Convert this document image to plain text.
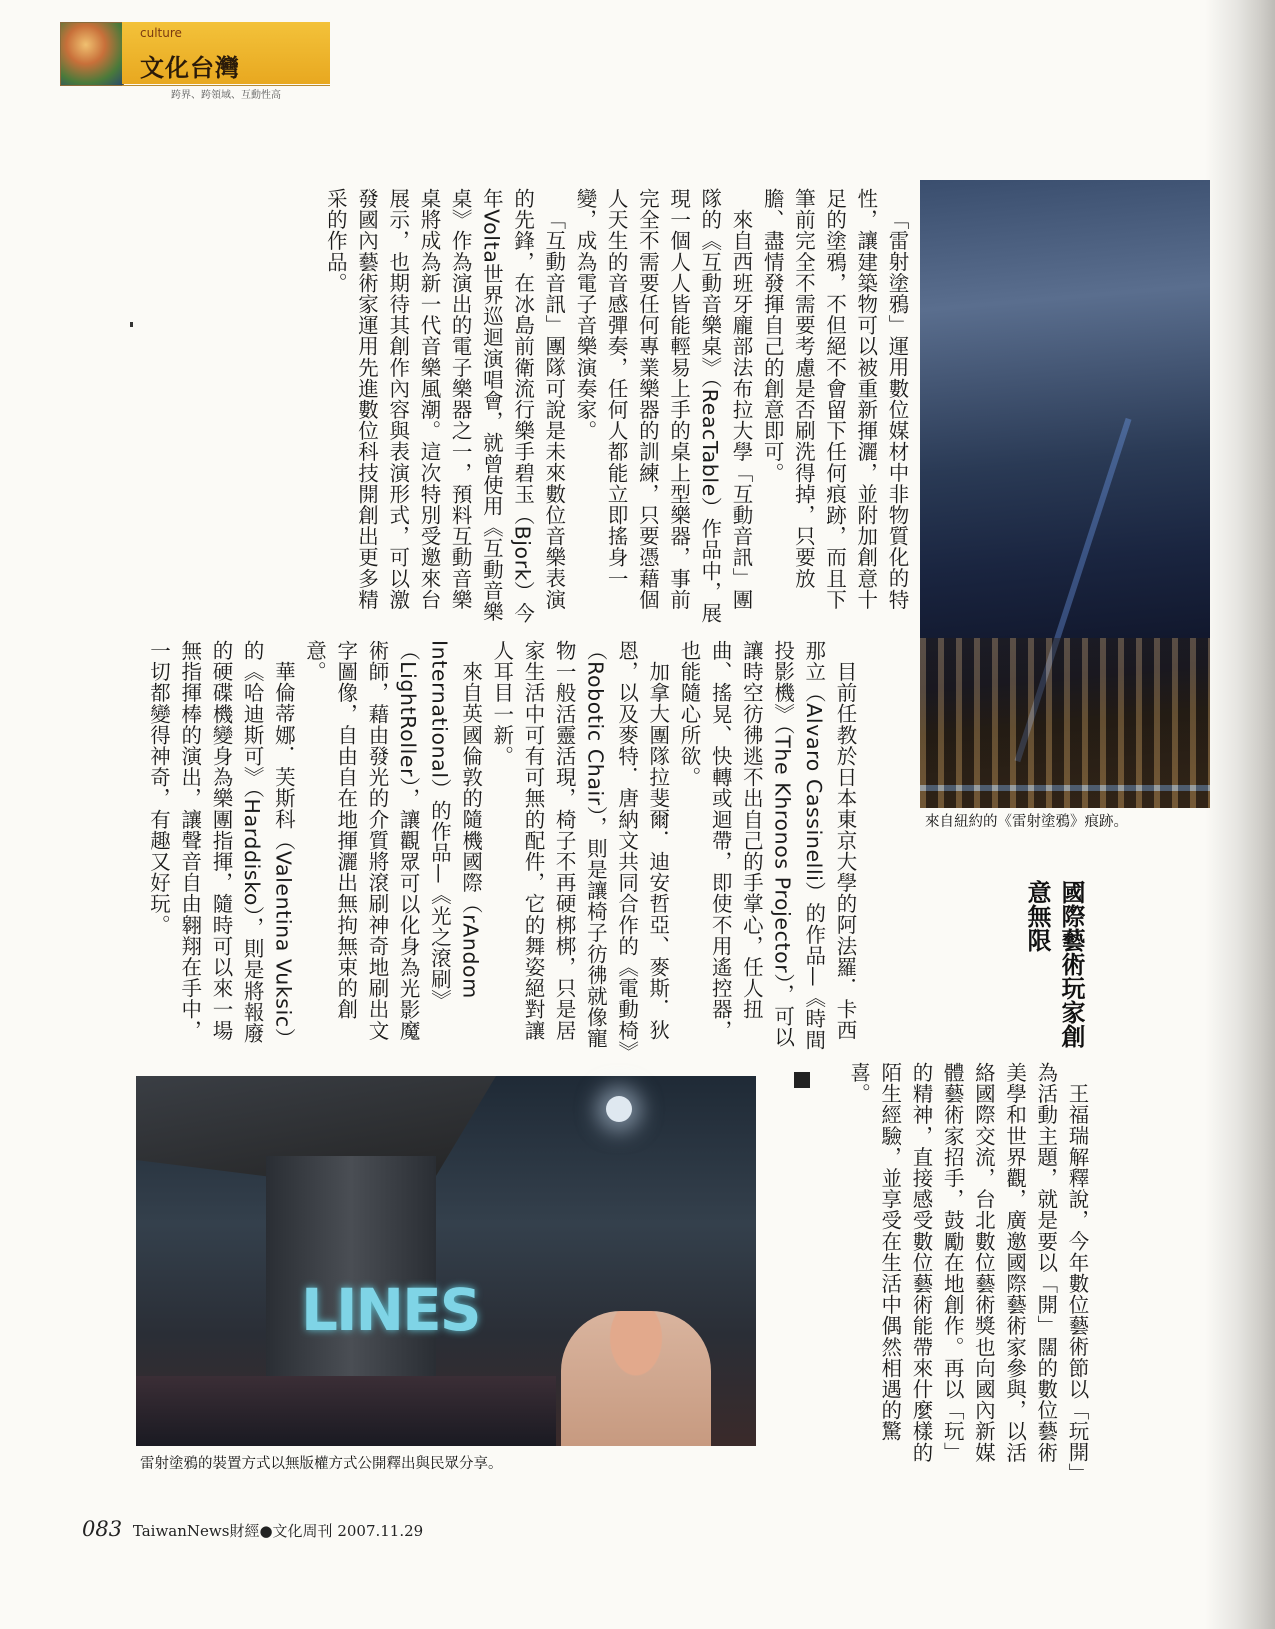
culture
文化台灣
跨界、跨領域、互動性高

「雷射塗鴉」運用數位媒材中非物質化的特性，讓建築物可以被重新揮灑，並附加創意十足的塗鴉，不但絕不會留下任何痕跡，而且下筆前完全不需要考慮是否刷洗得掉，只要放膽、盡情發揮自己的創意即可。

來自西班牙龐部法布拉大學「互動音訊」團隊的《互動音樂桌》（ReacTable）作品中，展現一個人人皆能輕易上手的桌上型樂器，事前完全不需要任何專業樂器的訓練，只要憑藉個人天生的音感彈奏，任何人都能立即搖身一變，成為電子音樂演奏家。

「互動音訊」團隊可說是未來數位音樂表演的先鋒，在冰島前衛流行樂手碧玉（Bjork）今年Volta世界巡迴演唱會，就曾使用《互動音樂桌》作為演出的電子樂器之一，預料互動音樂桌將成為新一代音樂風潮。這次特別受邀來台展示，也期待其創作內容與表演形式，可以激發國內藝術家運用先進數位科技開創出更多精采的作品。

來自紐約的《雷射塗鴉》痕跡。
國際藝術玩家創意無限

目前任教於日本東京大學的阿法羅．卡西那立（Alvaro Cassinelli）的作品—《時間投影機》（The Khronos Projector），可以讓時空彷彿逃不出自己的手掌心，任人扭曲、搖晃、快轉或迴帶，即使不用遙控器，也能隨心所欲。

加拿大團隊拉斐爾．迪安哲亞、麥斯．狄恩，以及麥特．唐納文共同合作的《電動椅》（Robotic Chair），則是讓椅子彷彿就像寵物一般活靈活現，椅子不再硬梆梆，只是居家生活中可有可無的配件，它的舞姿絕對讓人耳目一新。

來自英國倫敦的隨機國際（rAndom International）的作品—《光之滾刷》（LightRoller），讓觀眾可以化身為光影魔術師，藉由發光的介質將滾刷神奇地刷出文字圖像，自由自在地揮灑出無拘無束的創意。

華倫蒂娜．芙斯科（Valentina Vuksic）的《哈迪斯可》（Harddisko），則是將報廢的硬碟機變身為樂團指揮，隨時可以來一場無指揮棒的演出，讓聲音自由翱翔在手中，一切都變得神奇，有趣又好玩。

王福瑞解釋說，今年數位藝術節以「玩開」為活動主題，就是要以「開」闊的數位藝術美學和世界觀，廣邀國際藝術家參與，以活絡國際交流，台北數位藝術獎也向國內新媒體藝術家招手，鼓勵在地創作。再以「玩」的精神，直接感受數位藝術能帶來什麼樣的陌生經驗，並享受在生活中偶然相遇的驚喜。

LINES
雷射塗鴉的裝置方式以無版權方式公開釋出與民眾分享。
083 TaiwanNews財經●文化周刊 2007.11.29
